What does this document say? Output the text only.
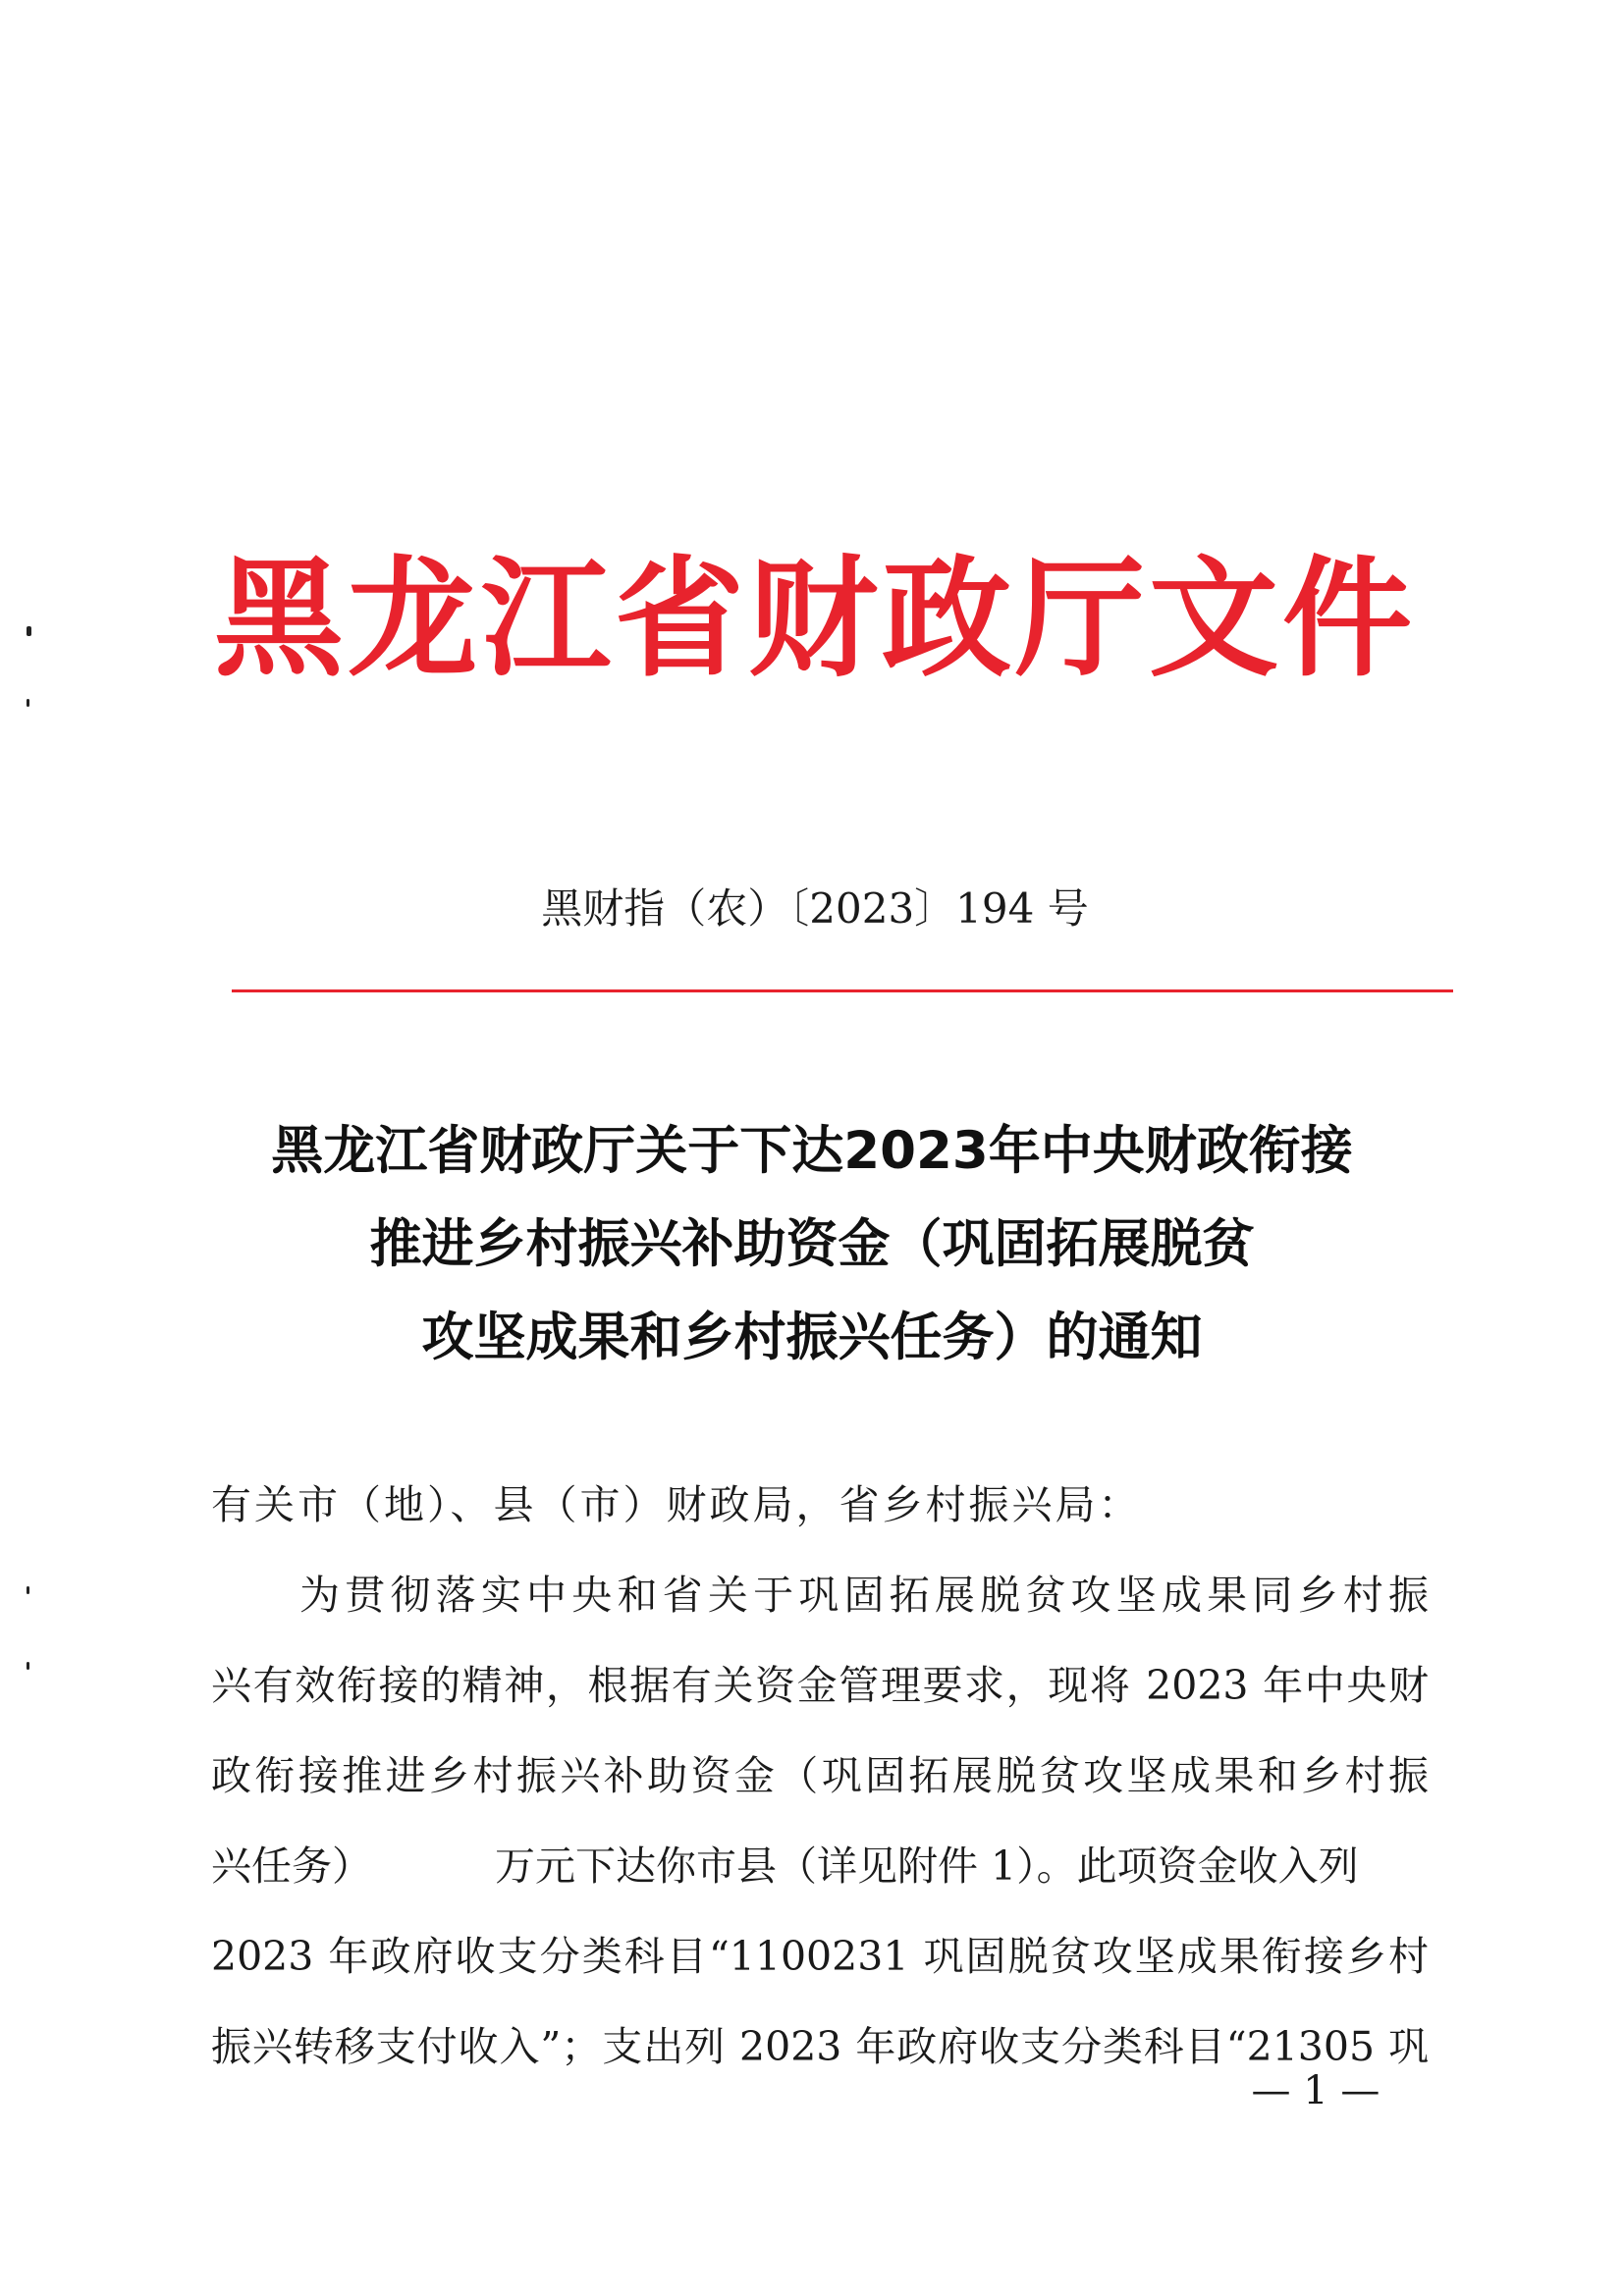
黑龙江省财政厅文件
黑财指（农）〔2023〕194 号
黑龙江省财政厅关于下达2023年中央财政衔接
推进乡村振兴补助资金（巩固拓展脱贫
攻坚成果和乡村振兴任务）的通知
有关市（地）、县（市）财政局，省乡村振兴局：
为贯彻落实中央和省关于巩固拓展脱贫攻坚成果同乡村振
兴有效衔接的精神，根据有关资金管理要求，现将 2023 年中央财
政衔接推进乡村振兴补助资金（巩固拓展脱贫攻坚成果和乡村振
兴任务）	万元下达你市县（详见附件 1）。此项资金收入列
2023 年政府收支分类科目“1100231 巩固脱贫攻坚成果衔接乡村
振兴转移支付收入”；支出列 2023 年政府收支分类科目“21305 巩
— 1 —
